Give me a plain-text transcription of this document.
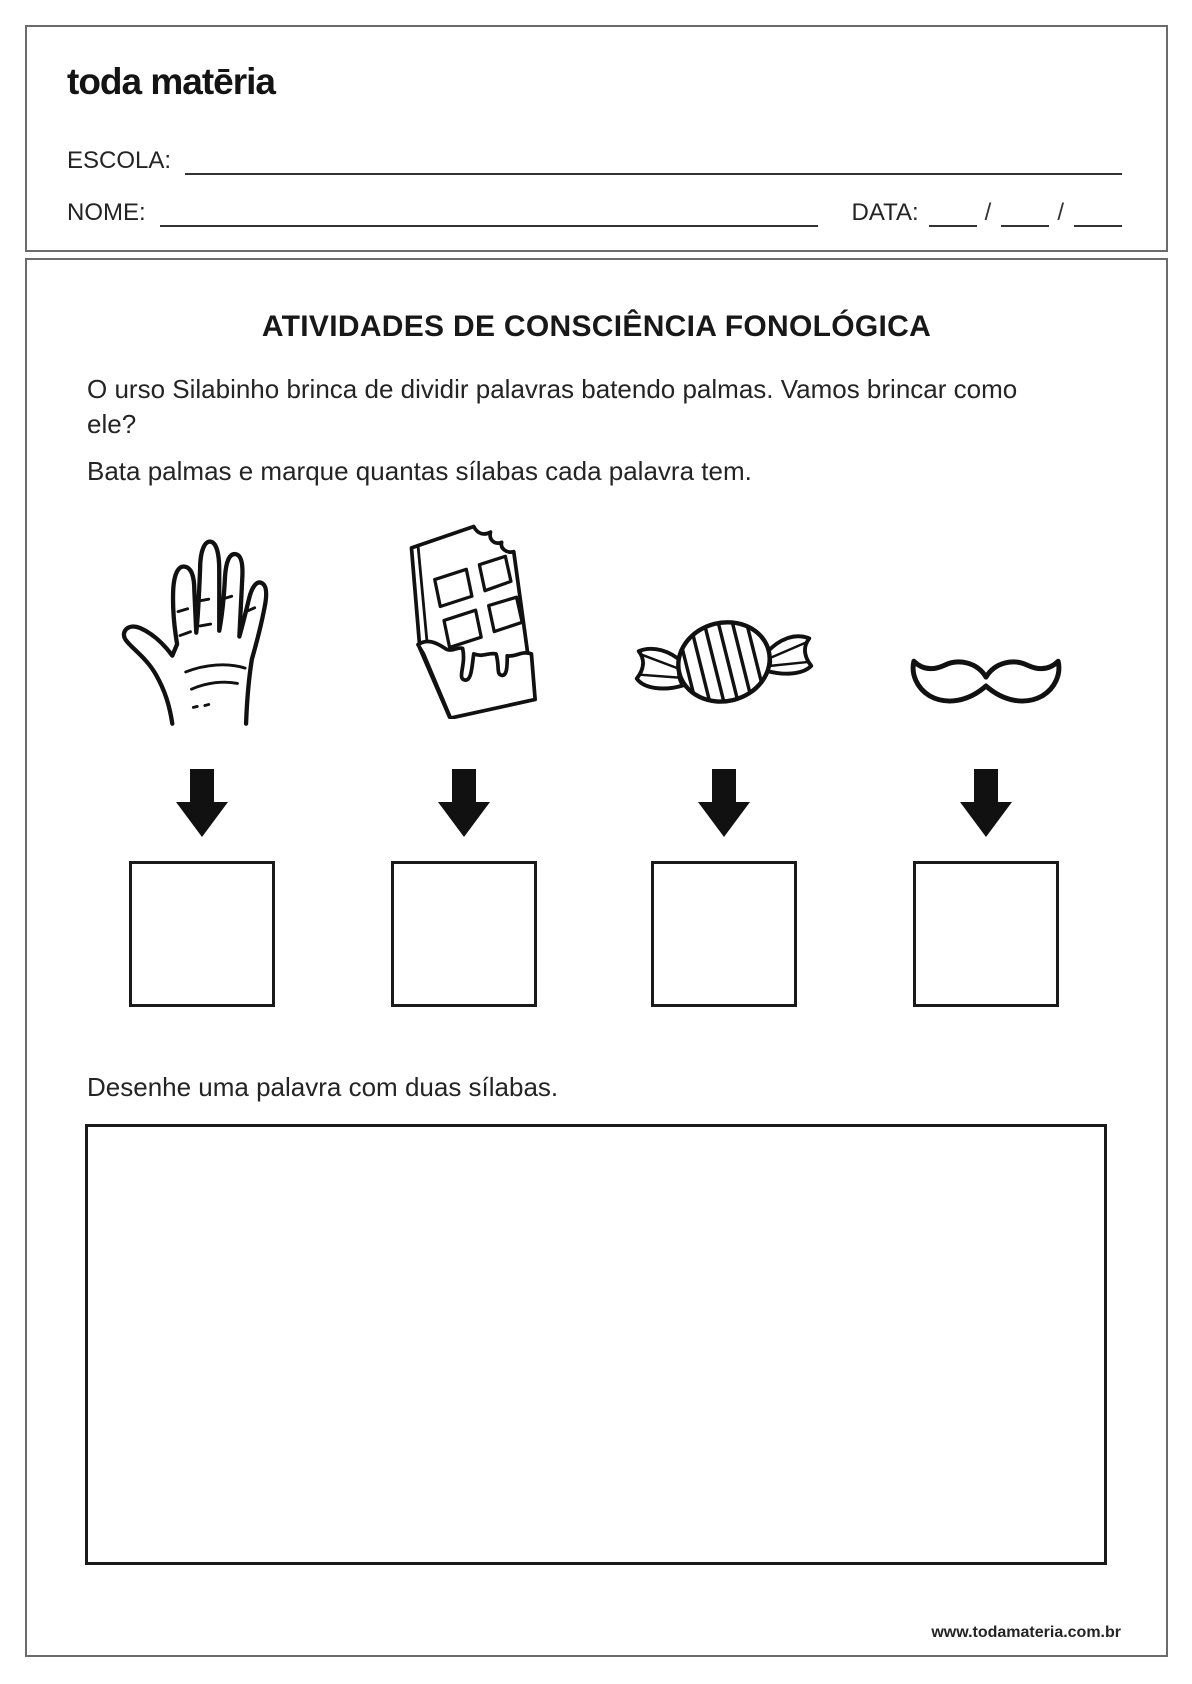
toda matēria
ESCOLA:
NOME:	DATA:	/	/
ATIVIDADES DE CONSCIÊNCIA FONOLÓGICA
O urso Silabinho brinca de dividir palavras batendo palmas. Vamos brincar como ele?
Bata palmas e marque quantas sílabas cada palavra tem.
Desenhe uma palavra com duas sílabas.
www.todamateria.com.br
